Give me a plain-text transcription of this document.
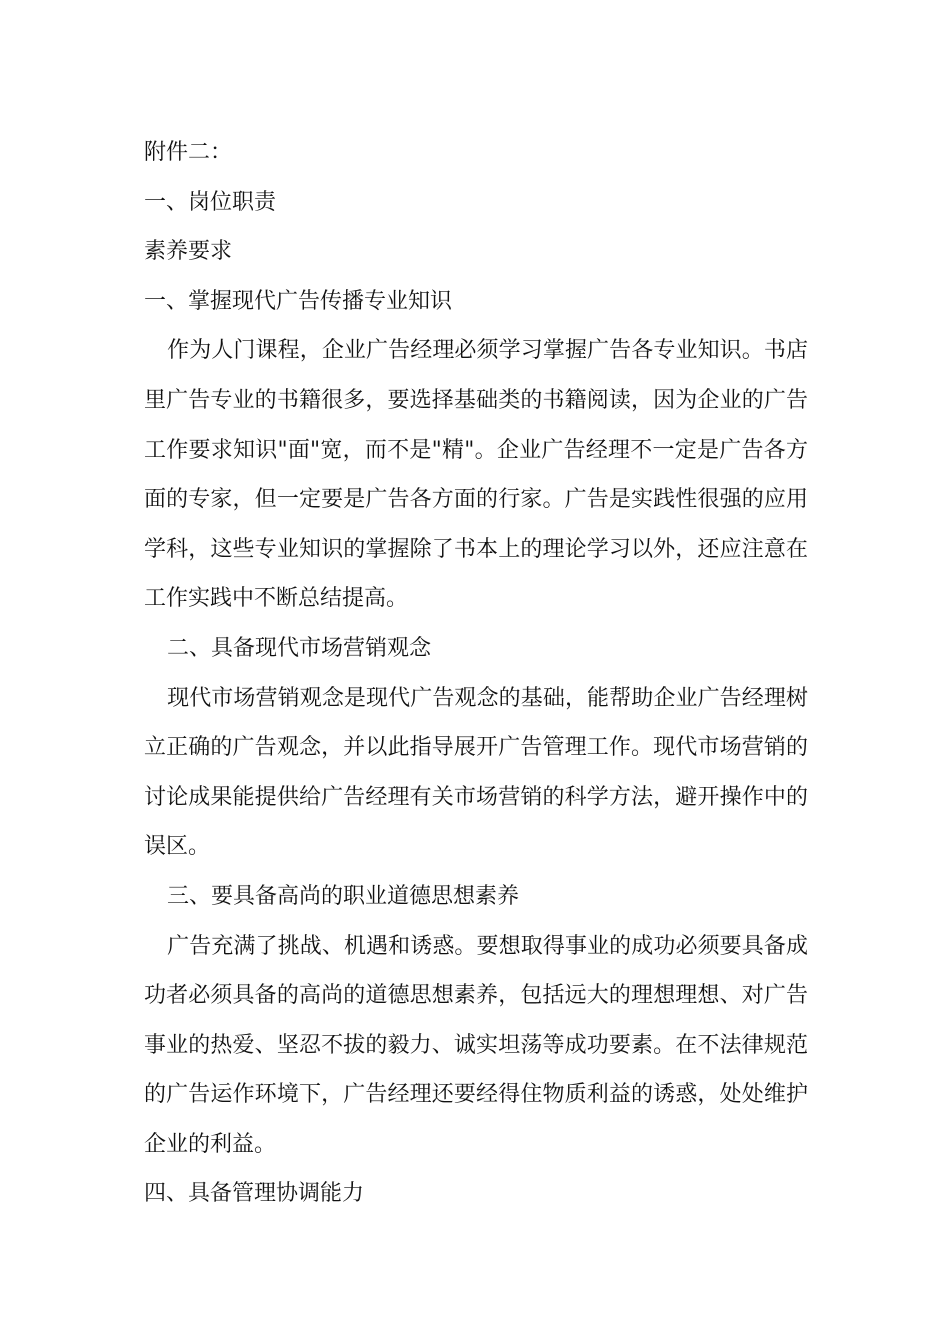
附件二：

一、岗位职责

素养要求

一、掌握现代广告传播专业知识

作为人门课程，企业广告经理必须学习掌握广告各专业知识。书店里广告专业的书籍很多，要选择基础类的书籍阅读，因为企业的广告工作要求知识"面"宽，而不是"精"。企业广告经理不一定是广告各方面的专家，但一定要是广告各方面的行家。广告是实践性很强的应用学科，这些专业知识的掌握除了书本上的理论学习以外，还应注意在工作实践中不断总结提高。

二、具备现代市场营销观念

现代市场营销观念是现代广告观念的基础，能帮助企业广告经理树立正确的广告观念，并以此指导展开广告管理工作。现代市场营销的讨论成果能提供给广告经理有关市场营销的科学方法，避开操作中的误区。

三、要具备高尚的职业道德思想素养

广告充满了挑战、机遇和诱惑。要想取得事业的成功必须要具备成功者必须具备的高尚的道德思想素养，包括远大的理想理想、对广告事业的热爱、坚忍不拔的毅力、诚实坦荡等成功要素。在不法律规范的广告运作环境下，广告经理还要经得住物质利益的诱惑，处处维护企业的利益。

四、具备管理协调能力
